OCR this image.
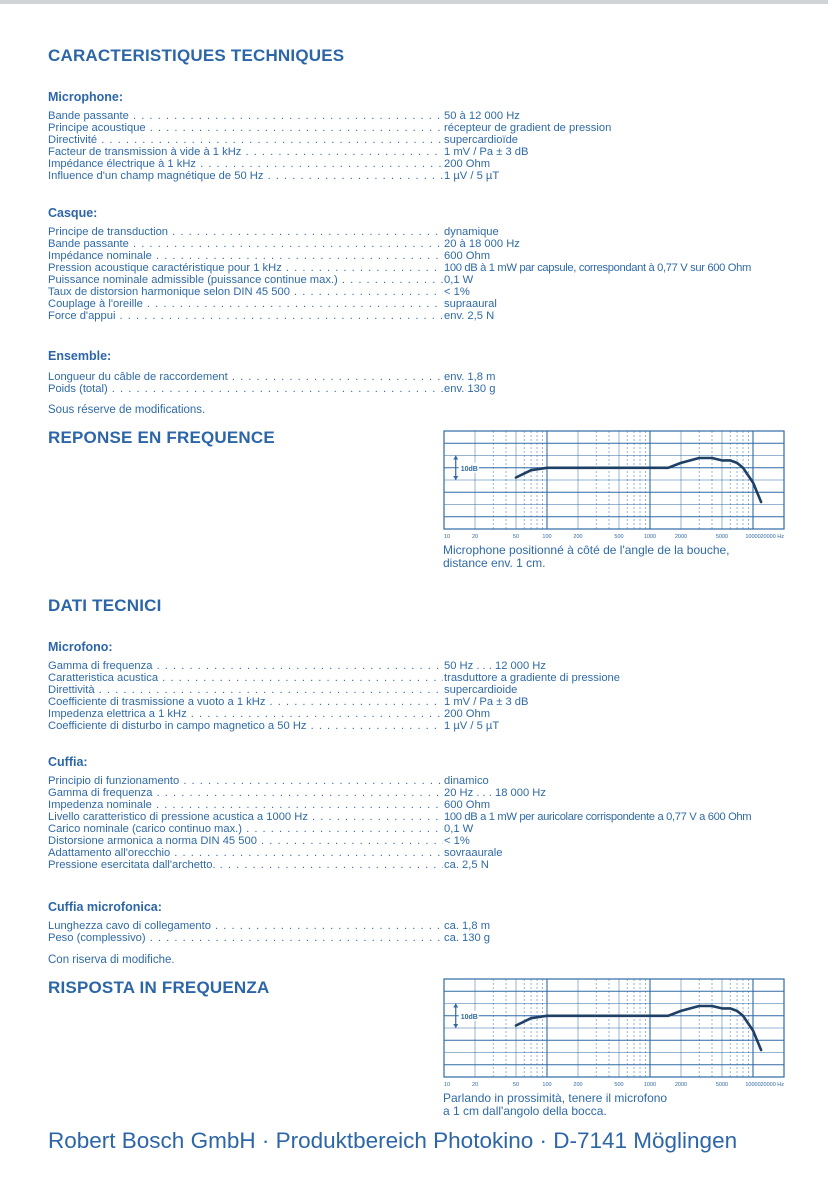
CARACTERISTIQUES TECHNIQUES
Microphone:
Bande passante . . .	50 à 12 000 Hz
Principe acoustique . . .	récepteur de gradient de pression
Directivité . . .	supercardioïde
Facteur de transmission à vide à 1 kHz . . .	1 mV / Pa ± 3 dB
Impédance électrique à 1 kHz . . .	200 Ohm
Influence d'un champ magnétique de 50 Hz . . .	1 µV / 5 µT
Casque:
Principe de transduction . . .	dynamique
Bande passante . . .	20 à 18 000 Hz
Impédance nominale . . .	600 Ohm
Pression acoustique caractéristique pour 1 kHz . . .	100 dB à 1 mW par capsule, correspondant à 0,77 V sur 600 Ohm
Puissance nominale admissible (puissance continue max.) . . .	0,1 W
Taux de distorsion harmonique selon DIN 45 500 . . .	< 1%
Couplage à l'oreille . . .	supraaural
Force d'appui . . .	env. 2,5 N
Ensemble:
Longueur du câble de raccordement . . .	env. 1,8 m
Poids (total) . . .	env. 130 g
Sous réserve de modifications.
REPONSE EN FREQUENCE
10dB
10	20	50	100	200	500	1000	2000	5000	10000 20000 Hz
Microphone positionné à côté de l'angle de la bouche,
distance env. 1 cm.
DATI TECNICI
Microfono:
Gamma di frequenza . . .	50 Hz . . . 12 000 Hz
Caratteristica acustica . . .	trasduttore a gradiente di pressione
Direttività . . .	supercardioide
Coefficiente di trasmissione a vuoto a 1 kHz . . .	1 mV / Pa ± 3 dB
Impedenza elettrica a 1 kHz . . .	200 Ohm
Coefficiente di disturbo in campo magnetico a 50 Hz . . .	1 µV / 5 µT
Cuffia:
Principio di funzionamento . . .	dinamico
Gamma di frequenza . . .	20 Hz . . . 18 000 Hz
Impedenza nominale . . .	600 Ohm
Livello caratteristico di pressione acustica a 1000 Hz . . .	100 dB a 1 mW per auricolare corrispondente a 0,77 V a 600 Ohm
Carico nominale (carico continuo max.) . . .	0,1 W
Distorsione armonica a norma DIN 45 500 . . .	< 1%
Adattamento all'orecchio . . .	sovraaurale
Pressione esercitata dall'archetto. . . .	ca. 2,5 N
Cuffia microfonica:
Lunghezza cavo di collegamento . . .	ca. 1,8 m
Peso (complessivo) . . .	ca. 130 g
Con riserva di modifiche.
RISPOSTA IN FREQUENZA
10dB
10	20	50	100	200	500	1000	2000	5000	10000 20000 Hz
Parlando in prossimità, tenere il microfono
a 1 cm dall'angolo della bocca.
Robert Bosch GmbH · Produktbereich Photokino · D-7141 Möglingen
